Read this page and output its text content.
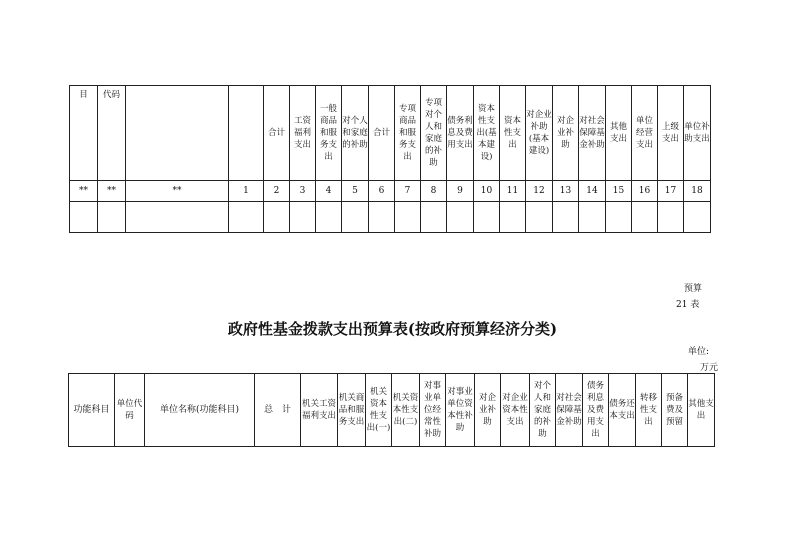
目	代码			合计	工资福利支出	一般商品和服务支出	对个人和家庭的补助	合计	专项商品和服务支出	专项对个人和家庭的补助	债务利息及费用支出	资本性支出(基本建设)	资本性支出	对企业补助(基本建设)	对企业补助	对社会保障基金补助	其他支出	单位经营支出	上级支出	单位补助支出
**	**	**	1	2	3	4	5	6	7	8	9	10	11	12	13	14	15	16	17	18

预算
21 表
政府性基金拨款支出预算表(按政府预算经济分类)
单位:
万元
功能科目	单位代码	单位名称(功能科目)	总　计	机关工资福利支出	机关商品和服务支出	机关资本性支出(一)	机关资本性支出(二)	对事业单位经常性补助	对事业单位资本性补助	对企业补助	对企业资本性支出	对个人和家庭的补助	对社会保障基金补助	债务利息及费用支出	债务还本支出	转移性支出	预备费及预留	其他支出
